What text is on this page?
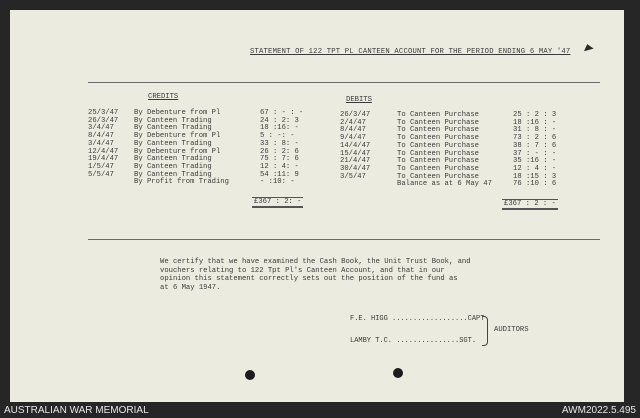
STATEMENT OF 122 TPT PL CANTEEN ACCOUNT FOR THE PERIOD ENDING 6 MAY '47
CREDITS	DEBITS
25/3/47	By Debenture from Pl	67 : - : -
26/3/47	By Canteen Trading	24 : 2: 3
3/4/47	By Canteen Trading	18 :16: -
8/4/47	By Debenture from Pl	5 : -: -
3/4/47	By Canteen Trading	33 : 8: -
12/4/47	By Debenture from Pl	26 : 2: 6
19/4/47	By Canteen Trading	75 : 7: 6
1/5/47	By Canteen Trading	12 : 4: -
5/5/47	By Canteen Trading	54 :11: 9
By Profit from Trading	- :10: -
26/3/47	To Canteen Purchase	25 : 2 : 3
2/4/47	To Canteen Purchase	18 :16 : -
8/4/47	To Canteen Purchase	31 : 8 : -
9/4/47	To Canteen Purchase	73 : 2 : 6
14/4/47	To Canteen Purchase	38 : 7 : 6
15/4/47	To Canteen Purchase	37 : - : -
21/4/47	To Canteen Purchase	35 :16 : -
30/4/47	To Canteen Purchase	12 : 4 : -
3/5/47	To Canteen Purchase	18 :15 : 3
Balance as at 6 May 47	76 :10 : 6
£367 : 2: -	£367 : 2 : -
We certify that we have examined the Cash Book, the Unit Trust Book, and
vouchers relating to 122 Tpt Pl's Canteen Account, and that in our
opinion this statement correctly sets out the position of the fund as
at 6 May 1947.
F.E. HIGG ..................CAPT
LAMBY T.C. ...............SGT.
AUDITORS
AUSTRALIAN WAR MEMORIAL	AWM2022.5.495
